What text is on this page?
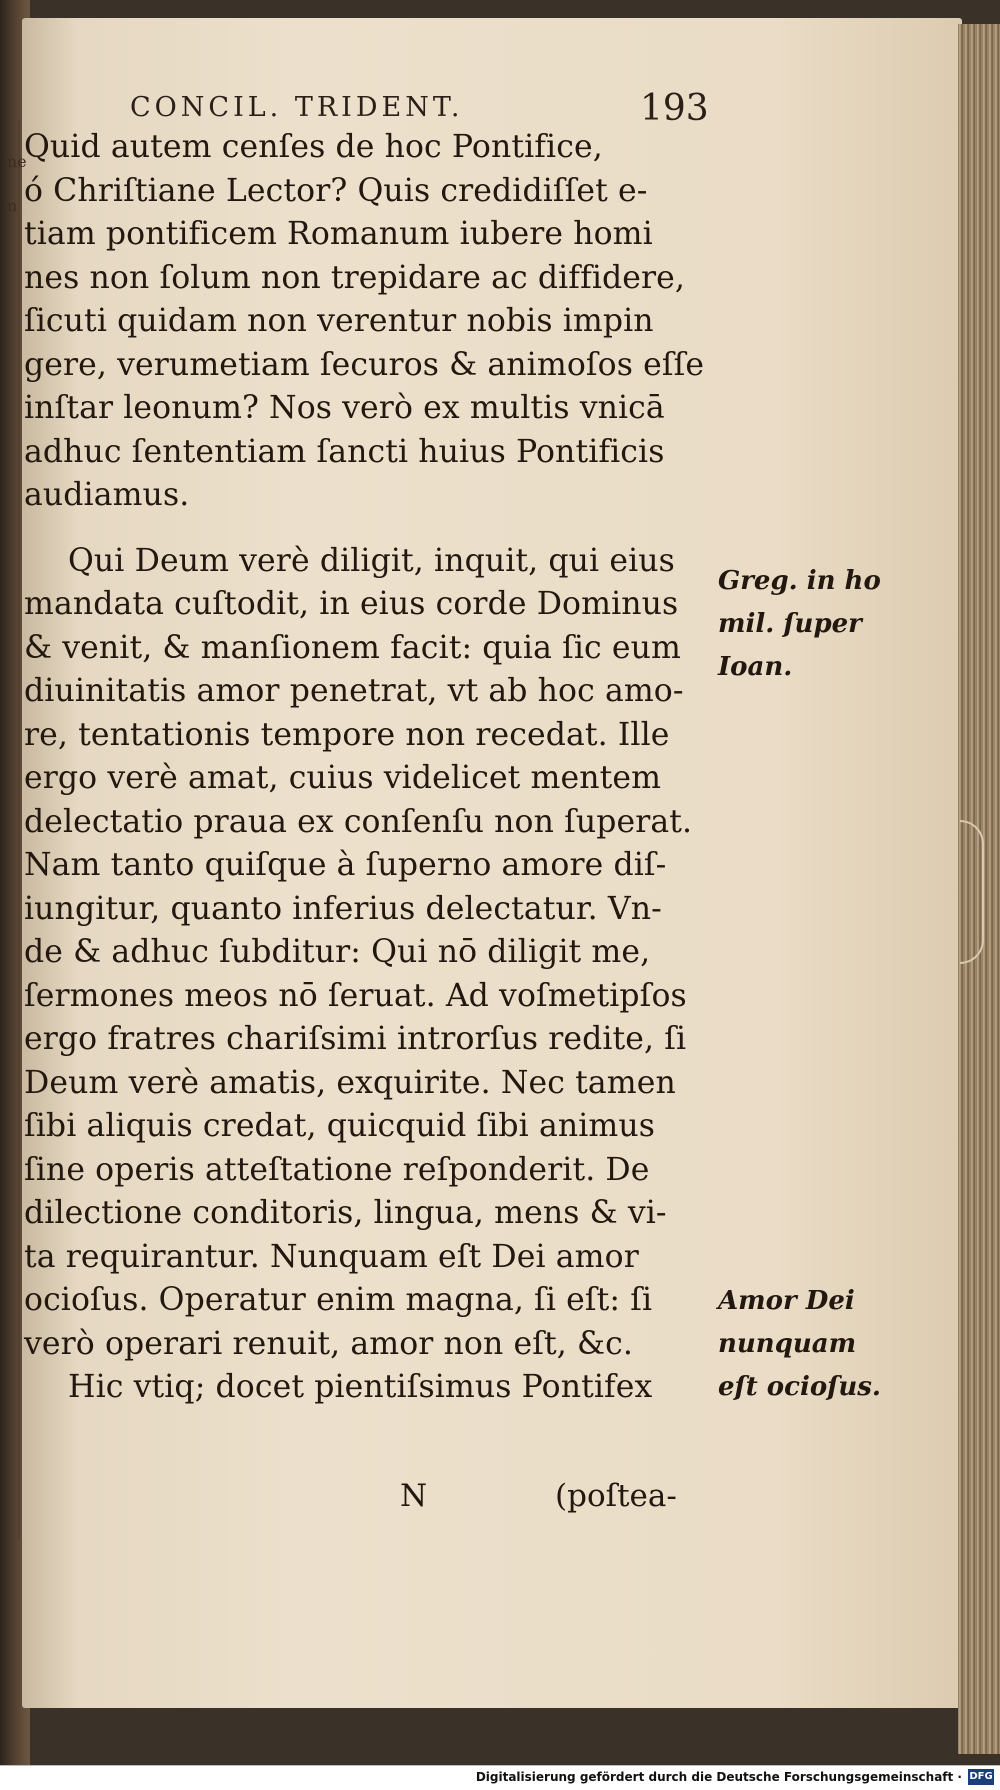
me
m
CONCIL. TRIDENT.	193
Quid autem cenſes de hoc Pontifice,
ó Chriſtiane Lector? Quis credidiſſet e-
tiam pontificem Romanum iubere homi
nes non ſolum non trepidare ac diffidere,
ſicuti quidam non verentur nobis impin
gere, verumetiam ſecuros & animoſos eſſe
inſtar leonum? Nos verò ex multis vnicā
adhuc ſententiam ſancti huius Pontificis
audiamus.
Qui Deum verè diligit, inquit, qui eius
mandata cuſtodit, in eius corde Dominus
& venit, & manſionem facit: quia ſic eum
diuinitatis amor penetrat, vt ab hoc amo-
re, tentationis tempore non recedat. Ille
ergo verè amat, cuius videlicet mentem
delectatio praua ex conſenſu non ſuperat.
Nam tanto quiſque à ſuperno amore diſ-
iungitur, quanto inferius delectatur. Vn-
de & adhuc ſubditur: Qui nō diligit me,
ſermones meos nō ſeruat. Ad voſmetipſos
ergo fratres chariſsimi introrſus redite, ſi
Deum verè amatis, exquirite. Nec tamen
ſibi aliquis credat, quicquid ſibi animus
ſine operis atteſtatione reſponderit. De
dilectione conditoris, lingua, mens & vi-
ta requirantur. Nunquam eſt Dei amor
ocioſus. Operatur enim magna, ſi eſt: ſi
verò operari renuit, amor non eſt, &c.
Hic vtiq; docet pientiſsimus Pontifex
Greg. in ho
mil. ſuper
Ioan.
Amor Dei
nunquam
eſt ocioſus.
N	(poſtea-
Digitalisierung gefördert durch die Deutsche Forschungsgemeinschaft · DFG
